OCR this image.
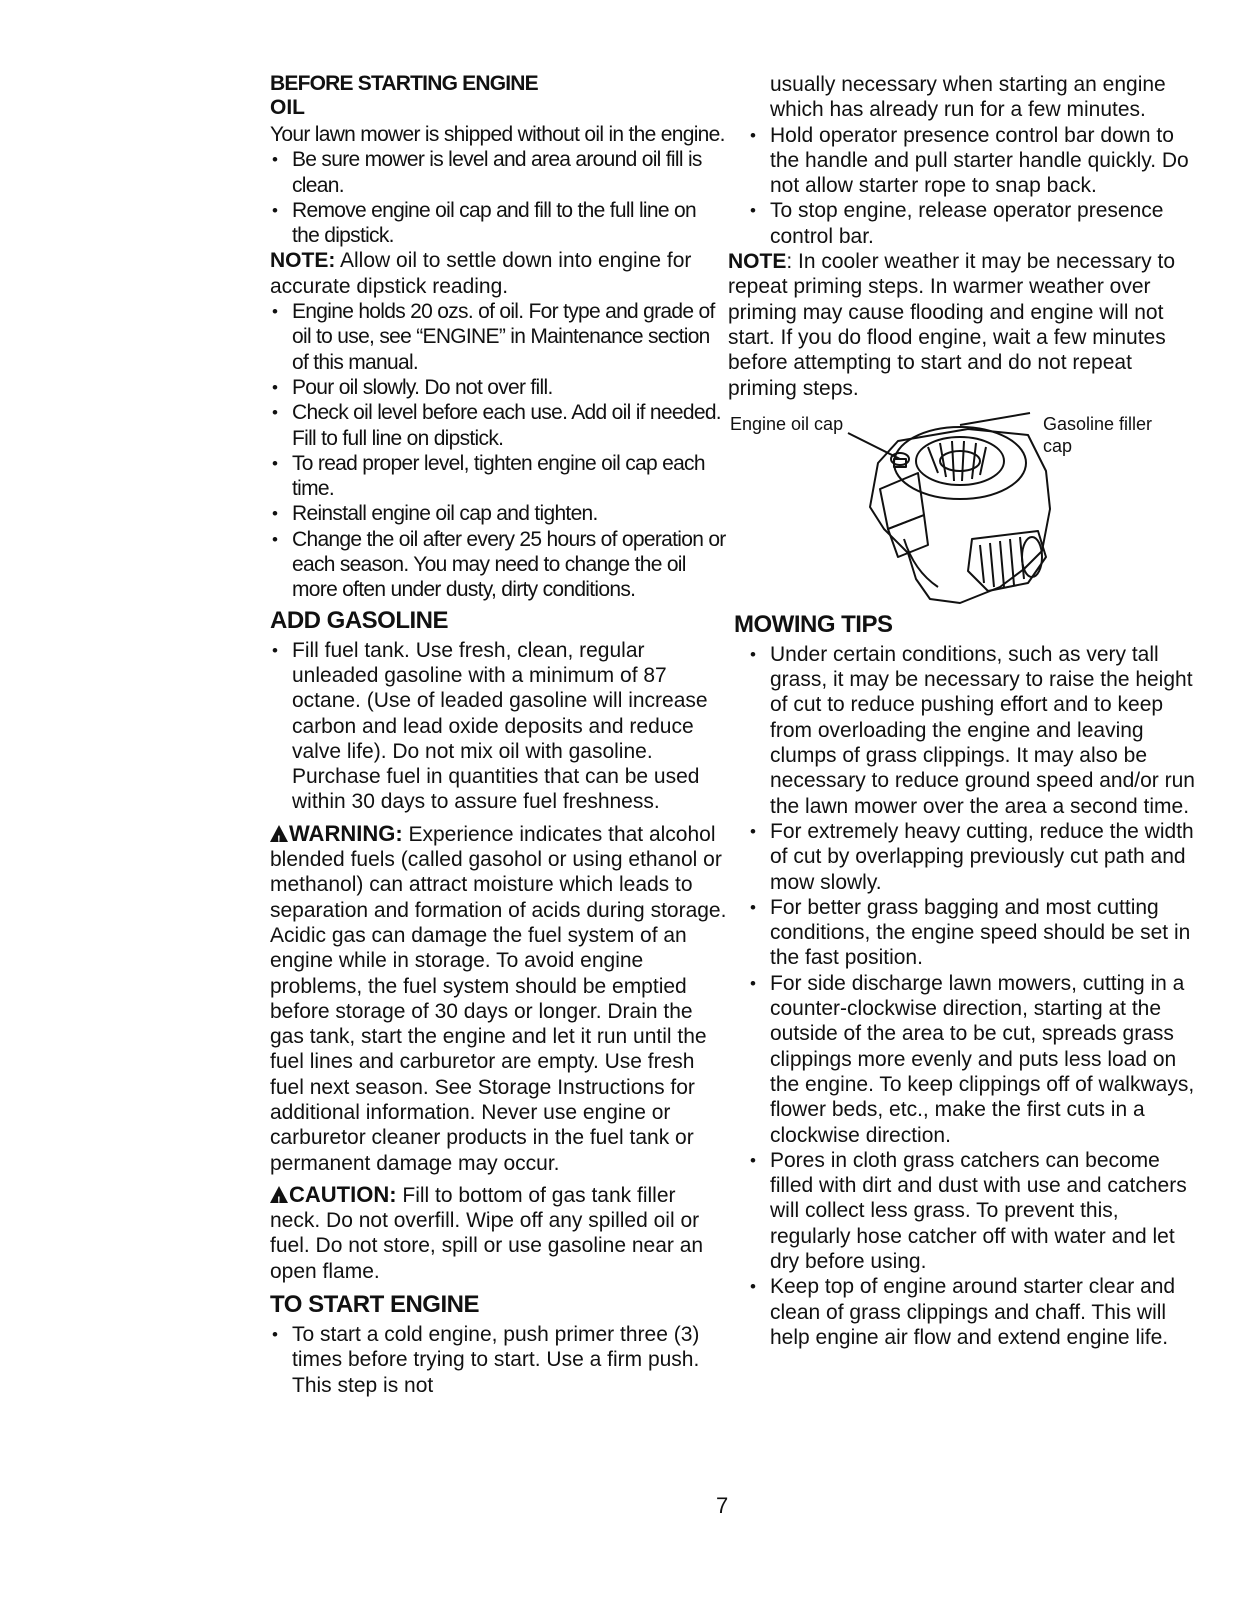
BEFORE STARTING ENGINE
OIL

Your lawn mower is shipped without oil in the engine.

• Be sure mower is level and area around oil fill is clean.
• Remove engine oil cap and fill to the full line on the dipstick.

NOTE: Allow oil to settle down into engine for accurate dipstick reading.

• Engine holds 20 ozs. of oil. For type and grade of oil to use, see “ENGINE” in Maintenance section of this manual.
• Pour oil slowly. Do not over fill.
• Check oil level before each use. Add oil if needed. Fill to full line on dipstick.
• To read proper level, tighten engine oil cap each time.
• Reinstall engine oil cap and tighten.
• Change the oil after every 25 hours of operation or each season. You may need to change the oil more often under dusty, dirty conditions.
ADD GASOLINE
• Fill fuel tank. Use fresh, clean, regular unleaded gasoline with a minimum of 87 octane. (Use of leaded gasoline will increase carbon and lead oxide deposits and reduce valve life). Do not mix oil with gasoline. Purchase fuel in quantities that can be used within 30 days to assure fuel freshness.

!WARNING: Experience indicates that alcohol blended fuels (called gasohol or using ethanol or methanol) can attract moisture which leads to separation and formation of acids during storage. Acidic gas can damage the fuel system of an engine while in storage. To avoid engine problems, the fuel system should be emptied before storage of 30 days or longer. Drain the gas tank, start the engine and let it run until the fuel lines and carburetor are empty. Use fresh fuel next season. See Storage Instructions for additional information. Never use engine or carburetor cleaner products in the fuel tank or permanent damage may occur.

!CAUTION: Fill to bottom of gas tank filler neck. Do not overfill. Wipe off any spilled oil or fuel. Do not store, spill or use gasoline near an open flame.

TO START ENGINE
• To start a cold engine, push primer three (3) times before trying to start. Use a firm push. This step is not
usually necessary when starting an engine which has already run for a few minutes.
• Hold operator presence control bar down to the handle and pull starter handle quickly. Do not allow starter rope to snap back.
• To stop engine, release operator presence control bar.

NOTE: In cooler weather it may be necessary to repeat priming steps. In warmer weather over priming may cause flooding and engine will not start. If you do flood engine, wait a few minutes before attempting to start and do not repeat priming steps.

Engine oil cap	Gasoline filler cap
MOWING TIPS
• Under certain conditions, such as very tall grass, it may be necessary to raise the height of cut to reduce pushing effort and to keep from overloading the engine and leaving clumps of grass clippings. It may also be necessary to reduce ground speed and/or run the lawn mower over the area a second time.
• For extremely heavy cutting, reduce the width of cut by overlapping previously cut path and mow slowly.
• For better grass bagging and most cutting conditions, the engine speed should be set in the fast position.
• For side discharge lawn mowers, cutting in a counter-clockwise direction, starting at the outside of the area to be cut, spreads grass clippings more evenly and puts less load on the engine. To keep clippings off of walkways, flower beds, etc., make the first cuts in a clockwise direction.
• Pores in cloth grass catchers can become filled with dirt and dust with use and catchers will collect less grass. To prevent this, regularly hose catcher off with water and let dry before using.
• Keep top of engine around starter clear and clean of grass clippings and chaff. This will help engine air flow and extend engine life.
7
